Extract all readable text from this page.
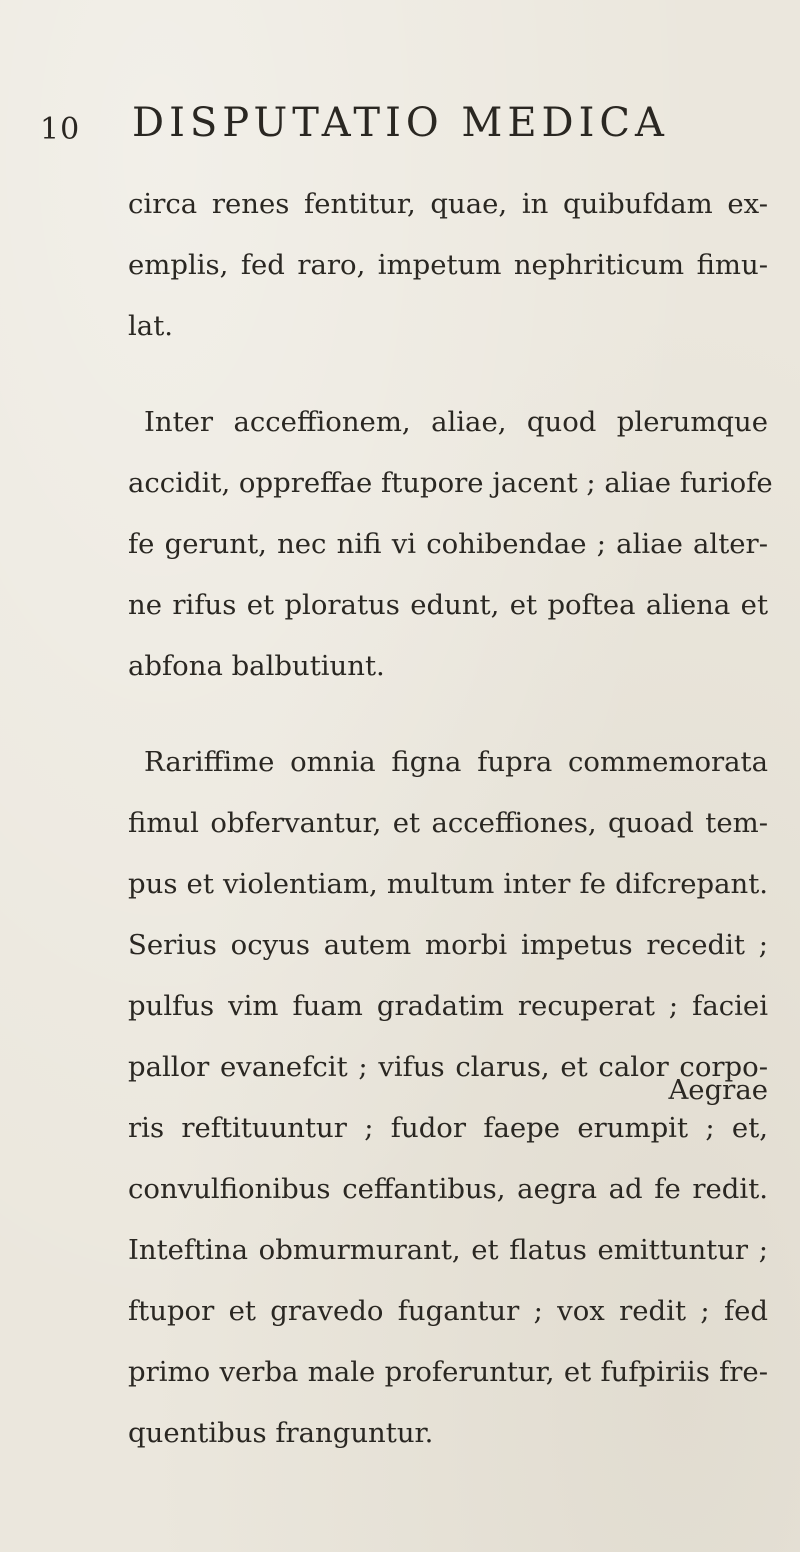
10 DISPUTATIO MEDICA
circa renes fentitur, quae, in quibufdam ex-
emplis, fed raro, impetum nephriticum fimu-
lat.
Inter acceffionem, aliae, quod plerumque
accidit, oppreffae ftupore jacent ; aliae furiofe
fe gerunt, nec nifi vi cohibendae ; aliae alter-
ne rifus et ploratus edunt, et poftea aliena et
abfona balbutiunt.
Rariffime omnia figna fupra commemorata
fimul obfervantur, et acceffiones, quoad tem-
pus et violentiam, multum inter fe difcrepant.
Serius ocyus autem morbi impetus recedit ;
pulfus vim fuam gradatim recuperat ; faciei
pallor evanefcit ; vifus clarus, et calor corpo-
ris reftituuntur ; fudor faepe erumpit ; et,
convulfionibus ceffantibus, aegra ad fe redit.
Inteftina obmurmurant, et flatus emittuntur ;
ftupor et gravedo fugantur ; vox redit ; fed
primo verba male proferuntur, et fufpiriis fre-
quentibus franguntur.
Aegrae
